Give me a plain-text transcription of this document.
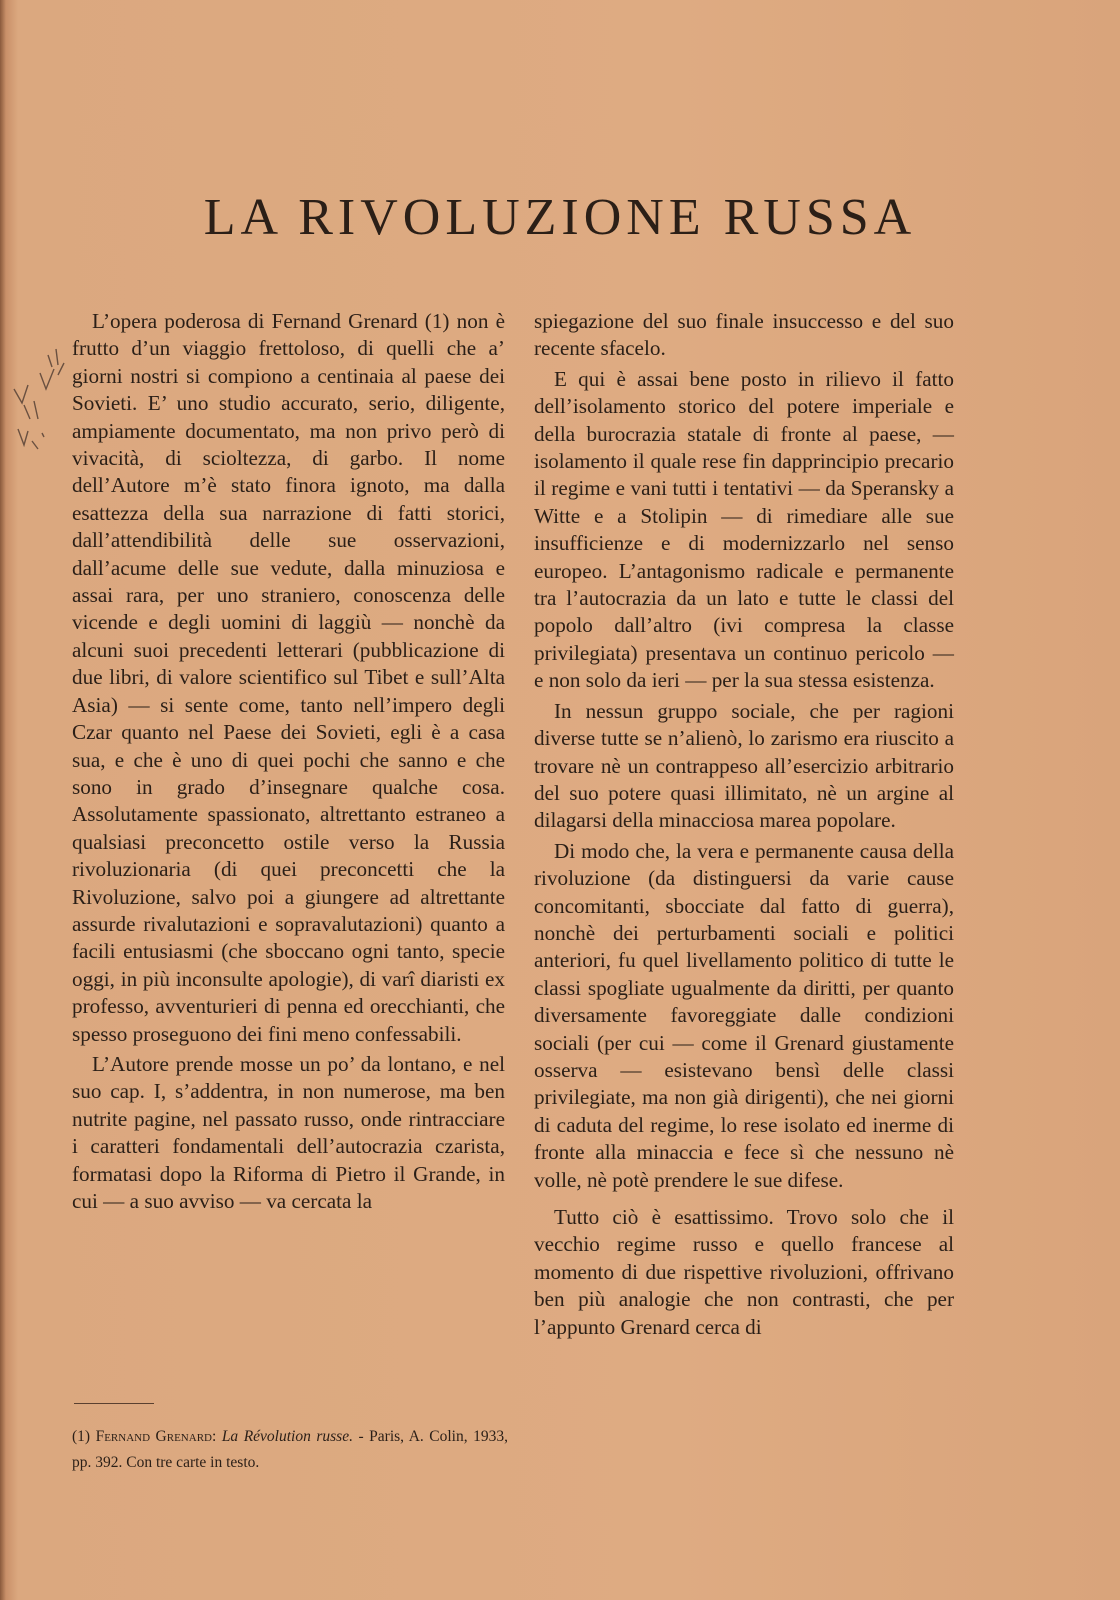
LA RIVOLUZIONE RUSSA

L’opera poderosa di Fernand Grenard (1) non è frutto d’un viaggio frettoloso, di quelli che a’ giorni nostri si compiono a centinaia al paese dei Sovieti. E’ uno studio accurato, serio, diligente, ampiamente documentato, ma non privo però di vivacità, di scioltezza, di garbo. Il nome dell’Autore m’è stato finora ignoto, ma dalla esattezza della sua narrazione di fatti storici, dall’attendibilità delle sue osservazioni, dall’acume delle sue vedute, dalla minuziosa e assai rara, per uno straniero, conoscenza delle vicende e degli uomini di laggiù — nonchè da alcuni suoi precedenti letterari (pubblicazione di due libri, di valore scientifico sul Tibet e sull’Alta Asia) — si sente come, tanto nell’impero degli Czar quanto nel Paese dei Sovieti, egli è a casa sua, e che è uno di quei pochi che sanno e che sono in grado d’insegnare qualche cosa. Assolutamente spassionato, altrettanto estraneo a qualsiasi preconcetto ostile verso la Russia rivoluzionaria (di quei preconcetti che la Rivoluzione, salvo poi a giungere ad altrettante assurde rivalutazioni e sopravalutazioni) quanto a facili entusiasmi (che sboccano ogni tanto, specie oggi, in più inconsulte apologie), di varî diaristi ex professo, avventurieri di penna ed orecchianti, che spesso proseguono dei fini meno confessabili.

L’Autore prende mosse un po’ da lontano, e nel suo cap. I, s’addentra, in non numerose, ma ben nutrite pagine, nel passato russo, onde rintracciare i caratteri fondamentali dell’autocrazia czarista, formatasi dopo la Riforma di Pietro il Grande, in cui — a suo avviso — va cercata la

spiegazione del suo finale insuccesso e del suo recente sfacelo.

E qui è assai bene posto in rilievo il fatto dell’isolamento storico del potere imperiale e della burocrazia statale di fronte al paese, — isolamento il quale rese fin dapprincipio precario il regime e vani tutti i tentativi — da Speransky a Witte e a Stolipin — di rimediare alle sue insufficienze e di modernizzarlo nel senso europeo. L’antagonismo radicale e permanente tra l’autocrazia da un lato e tutte le classi del popolo dall’altro (ivi compresa la classe privilegiata) presentava un continuo pericolo — e non solo da ieri — per la sua stessa esistenza.

In nessun gruppo sociale, che per ragioni diverse tutte se n’alienò, lo zarismo era riuscito a trovare nè un contrappeso all’esercizio arbitrario del suo potere quasi illimitato, nè un argine al dilagarsi della minacciosa marea popolare.

Di modo che, la vera e permanente causa della rivoluzione (da distinguersi da varie cause concomitanti, sbocciate dal fatto di guerra), nonchè dei perturbamenti sociali e politici anteriori, fu quel livellamento politico di tutte le classi spogliate ugualmente da diritti, per quanto diversamente favoreggiate dalle condizioni sociali (per cui — come il Grenard giustamente osserva — esistevano bensì delle classi privilegiate, ma non già dirigenti), che nei giorni di caduta del regime, lo rese isolato ed inerme di fronte alla minaccia e fece sì che nessuno nè volle, nè potè prendere le sue difese.

Tutto ciò è esattissimo. Trovo solo che il vecchio regime russo e quello francese al momento di due rispettive rivoluzioni, offrivano ben più analogie che non contrasti, che per l’appunto Grenard cerca di

(1) Fernand Grenard: La Révolution russe. - Paris, A. Colin, 1933, pp. 392. Con tre carte in testo.
